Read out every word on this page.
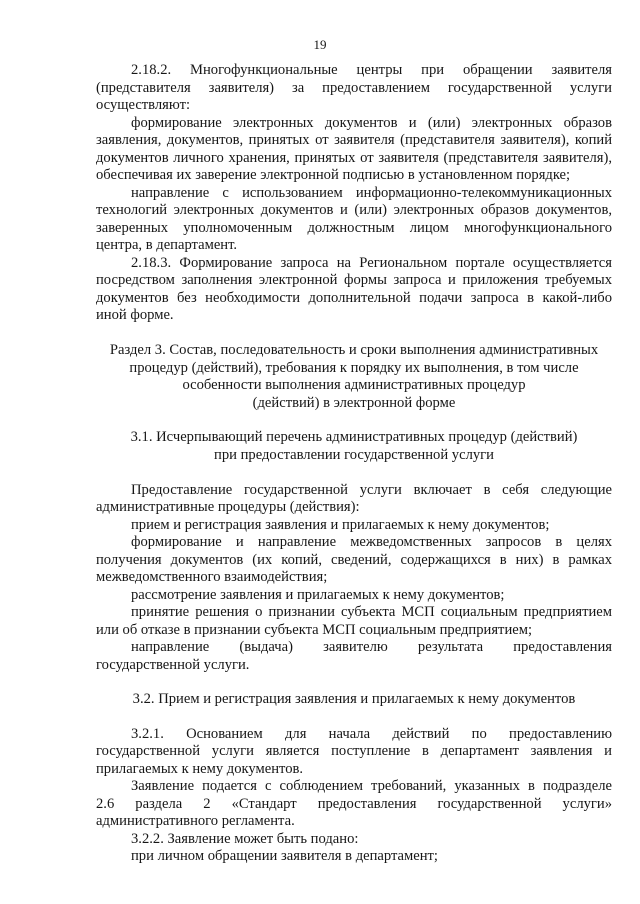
19
2.18.2. Многофункциональные центры при обращении заявителя
(представителя заявителя) за предоставлением государственной услуги
осуществляют:
формирование электронных документов и (или) электронных образов
заявления, документов, принятых от заявителя (представителя заявителя), копий
документов личного хранения, принятых от заявителя (представителя заявителя),
обеспечивая их заверение электронной подписью в установленном порядке;
направление с использованием информационно-телекоммуникационных
технологий электронных документов и (или) электронных образов документов,
заверенных уполномоченным должностным лицом многофункционального
центра, в департамент.
2.18.3. Формирование запроса на Региональном портале осуществляется
посредством заполнения электронной формы запроса и приложения требуемых
документов без необходимости дополнительной подачи запроса в какой-либо
иной форме.
Раздел 3. Состав, последовательность и сроки выполнения административных
процедур (действий), требования к порядку их выполнения, в том числе
особенности выполнения административных процедур
(действий) в электронной форме
3.1. Исчерпывающий перечень административных процедур (действий)
при предоставлении государственной услуги
Предоставление государственной услуги включает в себя следующие
административные процедуры (действия):
прием и регистрация заявления и прилагаемых к нему документов;
формирование и направление межведомственных запросов в целях
получения документов (их копий, сведений, содержащихся в них) в рамках
межведомственного взаимодействия;
рассмотрение заявления и прилагаемых к нему документов;
принятие решения о признании субъекта МСП социальным предприятием
или об отказе в признании субъекта МСП социальным предприятием;
направление (выдача) заявителю результата предоставления
государственной услуги.
3.2. Прием и регистрация заявления и прилагаемых к нему документов
3.2.1. Основанием для начала действий по предоставлению
государственной услуги является поступление в департамент заявления и
прилагаемых к нему документов.
Заявление подается с соблюдением требований, указанных в подразделе
2.6 раздела 2 «Стандарт предоставления государственной услуги»
административного регламента.
3.2.2. Заявление может быть подано:
при личном обращении заявителя в департамент;
